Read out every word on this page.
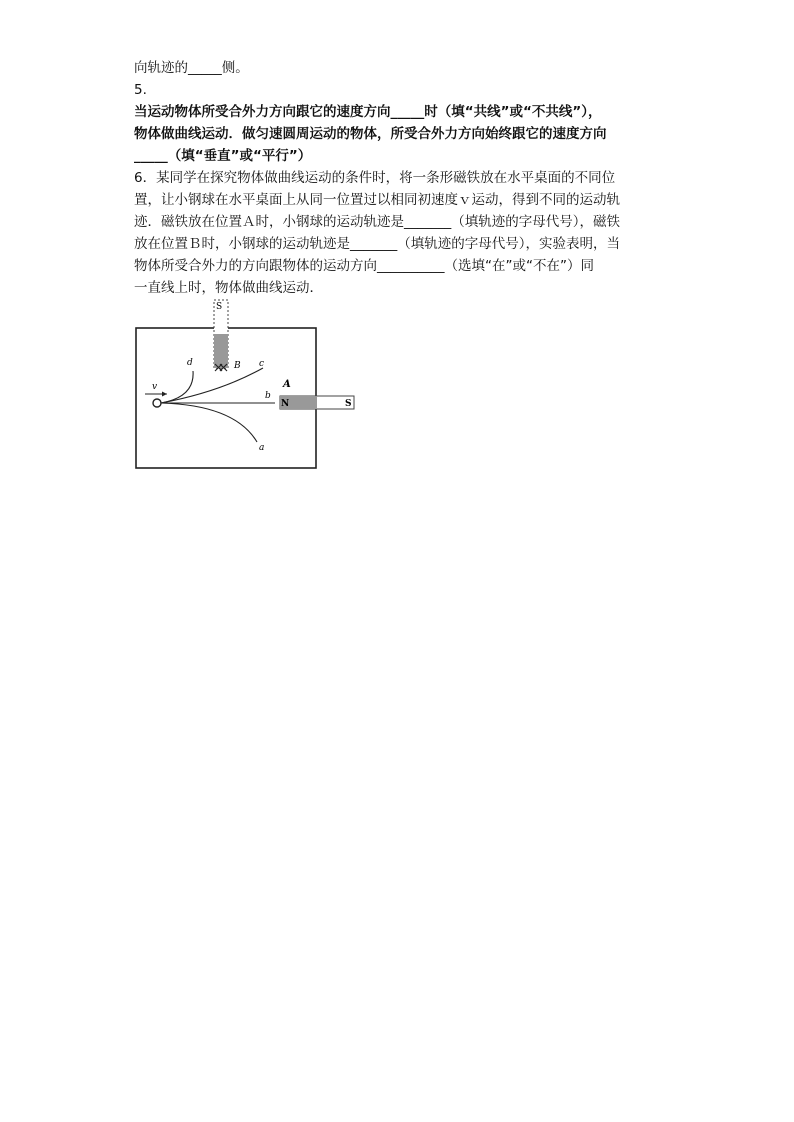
向轨迹的_____侧。
5.
当运动物体所受合外力方向跟它的速度方向_____时（填“共线”或“不共线”），
物体做曲线运动．做匀速圆周运动的物体，所受合外力方向始终跟它的速度方向
_____（填“垂直”或“平行”）
6．某同学在探究物体做曲线运动的条件时，将一条形磁铁放在水平桌面的不同位
置，让小钢球在水平桌面上从同一位置过以相同初速度ｖ运动，得到不同的运动轨
迹．磁铁放在位置Ａ时，小钢球的运动轨迹是_______（填轨迹的字母代号），磁铁
放在位置Ｂ时，小钢球的运动轨迹是_______（填轨迹的字母代号），实验表明，当
物体所受合外力的方向跟物体的运动方向__________（选填“在”或“不在”）同
一直线上时，物体做曲线运动．
S
N	S
v
d	c
B
b
A
a
